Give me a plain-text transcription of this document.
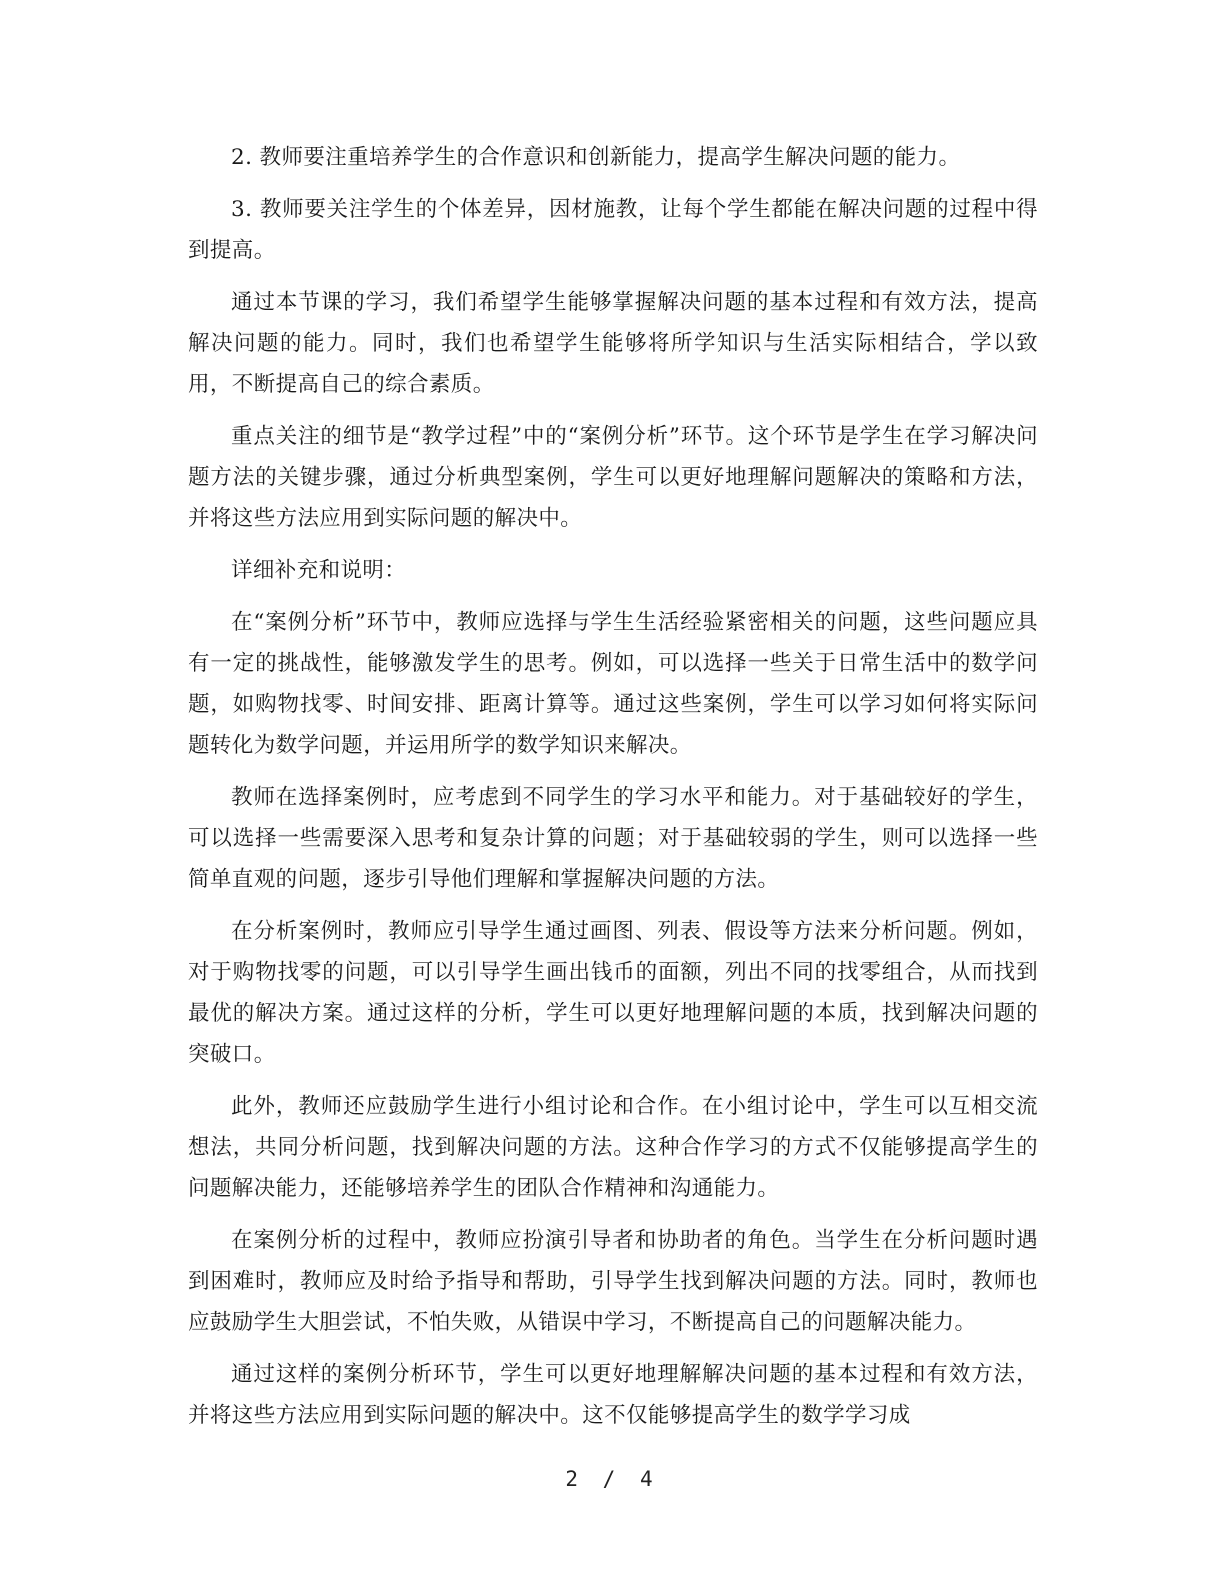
2. 教师要注重培养学生的合作意识和创新能力，提高学生解决问题的能力。

3. 教师要关注学生的个体差异，因材施教，让每个学生都能在解决问题的过程中得到提高。

通过本节课的学习，我们希望学生能够掌握解决问题的基本过程和有效方法，提高解决问题的能力。同时，我们也希望学生能够将所学知识与生活实际相结合，学以致用，不断提高自己的综合素质。

重点关注的细节是“教学过程”中的“案例分析”环节。这个环节是学生在学习解决问题方法的关键步骤，通过分析典型案例，学生可以更好地理解问题解决的策略和方法，并将这些方法应用到实际问题的解决中。

详细补充和说明：

在“案例分析”环节中，教师应选择与学生生活经验紧密相关的问题，这些问题应具有一定的挑战性，能够激发学生的思考。例如，可以选择一些关于日常生活中的数学问题，如购物找零、时间安排、距离计算等。通过这些案例，学生可以学习如何将实际问题转化为数学问题，并运用所学的数学知识来解决。

教师在选择案例时，应考虑到不同学生的学习水平和能力。对于基础较好的学生，可以选择一些需要深入思考和复杂计算的问题；对于基础较弱的学生，则可以选择一些简单直观的问题，逐步引导他们理解和掌握解决问题的方法。

在分析案例时，教师应引导学生通过画图、列表、假设等方法来分析问题。例如，对于购物找零的问题，可以引导学生画出钱币的面额，列出不同的找零组合，从而找到最优的解决方案。通过这样的分析，学生可以更好地理解问题的本质，找到解决问题的突破口。

此外，教师还应鼓励学生进行小组讨论和合作。在小组讨论中，学生可以互相交流想法，共同分析问题，找到解决问题的方法。这种合作学习的方式不仅能够提高学生的问题解决能力，还能够培养学生的团队合作精神和沟通能力。

在案例分析的过程中，教师应扮演引导者和协助者的角色。当学生在分析问题时遇到困难时，教师应及时给予指导和帮助，引导学生找到解决问题的方法。同时，教师也应鼓励学生大胆尝试，不怕失败，从错误中学习，不断提高自己的问题解决能力。

通过这样的案例分析环节，学生可以更好地理解解决问题的基本过程和有效方法，并将这些方法应用到实际问题的解决中。这不仅能够提高学生的数学学习成

2 / 4
